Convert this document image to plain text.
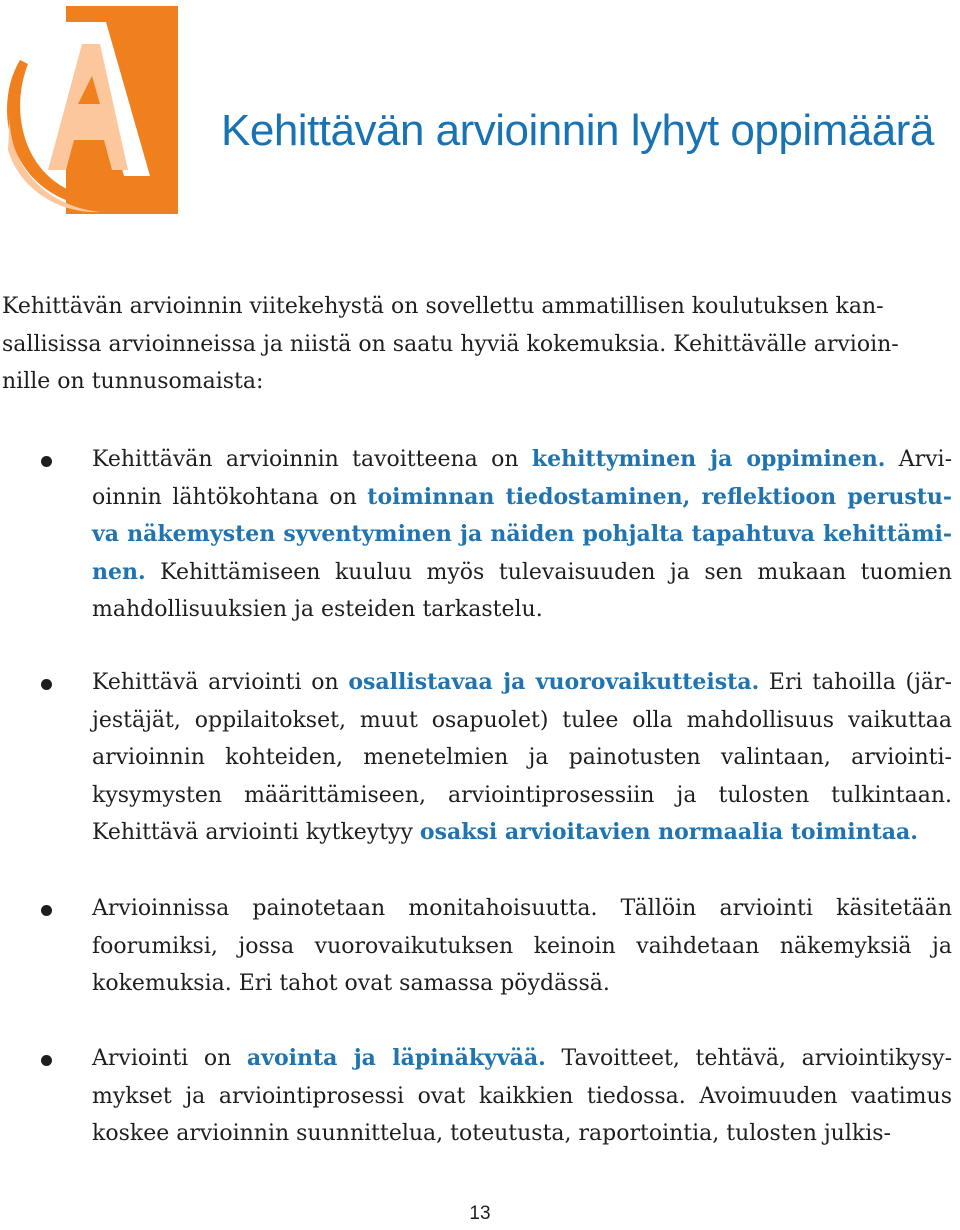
Kehittävän arvioinnin lyhyt oppimäärä
Kehittävän arvioinnin viitekehystä on sovellettu ammatillisen koulutuksen kan-
sallisissa arvioinneissa ja niistä on saatu hyviä kokemuksia. Kehittävälle arvioin-
nille on tunnusomaista:

Kehittävän arvioinnin tavoitteena on kehittyminen ja oppiminen. Arvi-oinnin lähtökohtana on toiminnan tiedostaminen, reflektioon perustu-va näkemysten syventyminen ja näiden pohjalta tapahtuva kehittämi-nen. Kehittämiseen kuuluu myös tulevaisuuden ja sen mukaan tuomien mahdollisuuksien ja esteiden tarkastelu.

Kehittävä arviointi on osallistavaa ja vuorovaikutteista. Eri tahoilla (jär-jestäjät, oppilaitokset, muut osapuolet) tulee olla mahdollisuus vaikuttaa arvioinnin kohteiden, menetelmien ja painotusten valintaan, arviointi-kysymysten määrittämiseen, arviointiprosessiin ja tulosten tulkintaan. Kehittävä arviointi kytkeytyy osaksi arvioitavien normaalia toimintaa.

Arvioinnissa painotetaan monitahoisuutta. Tällöin arviointi käsitetään foorumiksi, jossa vuorovaikutuksen keinoin vaihdetaan näkemyksiä ja kokemuksia. Eri tahot ovat samassa pöydässä.

Arviointi on avointa ja läpinäkyvää. Tavoitteet, tehtävä, arviointikysy-mykset ja arviointiprosessi ovat kaikkien tiedossa. Avoimuuden vaatimus koskee arvioinnin suunnittelua, toteutusta, raportointia, tulosten julkis-

13
